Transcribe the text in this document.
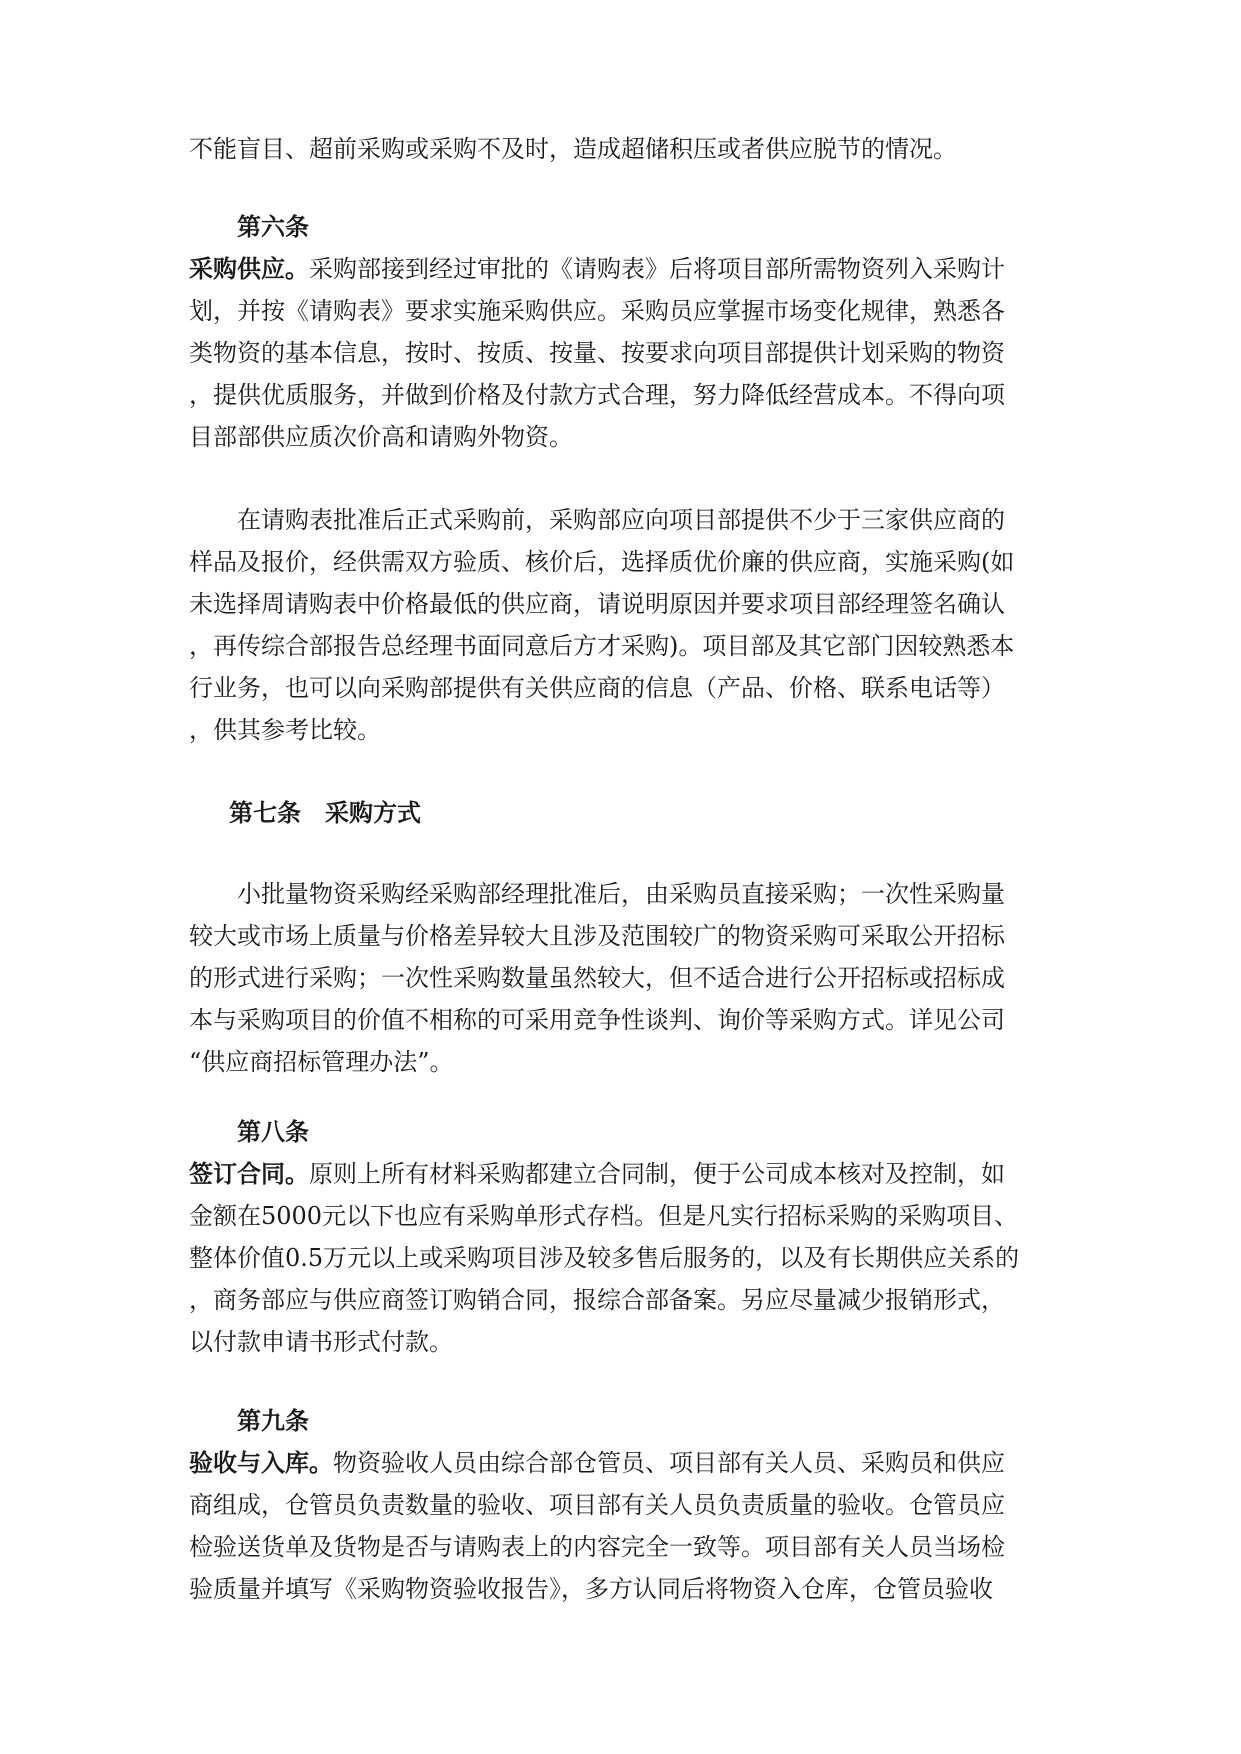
不能盲目、超前采购或采购不及时，造成超储积压或者供应脱节的情况。
第六条
采购供应。采购部接到经过审批的《请购表》后将项目部所需物资列入采购计
划，并按《请购表》要求实施采购供应。采购员应掌握市场变化规律，熟悉各
类物资的基本信息，按时、按质、按量、按要求向项目部提供计划采购的物资
，提供优质服务，并做到价格及付款方式合理，努力降低经营成本。不得向项
目部部供应质次价高和请购外物资。
在请购表批准后正式采购前，采购部应向项目部提供不少于三家供应商的
样品及报价，经供需双方验质、核价后，选择质优价廉的供应商，实施采购(如
未选择周请购表中价格最低的供应商，请说明原因并要求项目部经理签名确认
，再传综合部报告总经理书面同意后方才采购)。项目部及其它部门因较熟悉本
行业务，也可以向采购部提供有关供应商的信息（产品、价格、联系电话等）
，供其参考比较。
第七条 采购方式
小批量物资采购经采购部经理批准后，由采购员直接采购；一次性采购量
较大或市场上质量与价格差异较大且涉及范围较广的物资采购可采取公开招标
的形式进行采购；一次性采购数量虽然较大，但不适合进行公开招标或招标成
本与采购项目的价值不相称的可采用竞争性谈判、询价等采购方式。详见公司
“供应商招标管理办法”。
第八条
签订合同。原则上所有材料采购都建立合同制，便于公司成本核对及控制，如
金额在5000元以下也应有采购单形式存档。但是凡实行招标采购的采购项目、
整体价值0.5万元以上或采购项目涉及较多售后服务的，以及有长期供应关系的
，商务部应与供应商签订购销合同，报综合部备案。另应尽量减少报销形式，
以付款申请书形式付款。
第九条
验收与入库。物资验收人员由综合部仓管员、项目部有关人员、采购员和供应
商组成，仓管员负责数量的验收、项目部有关人员负责质量的验收。仓管员应
检验送货单及货物是否与请购表上的内容完全一致等。项目部有关人员当场检
验质量并填写《采购物资验收报告》，多方认同后将物资入仓库，仓管员验收
